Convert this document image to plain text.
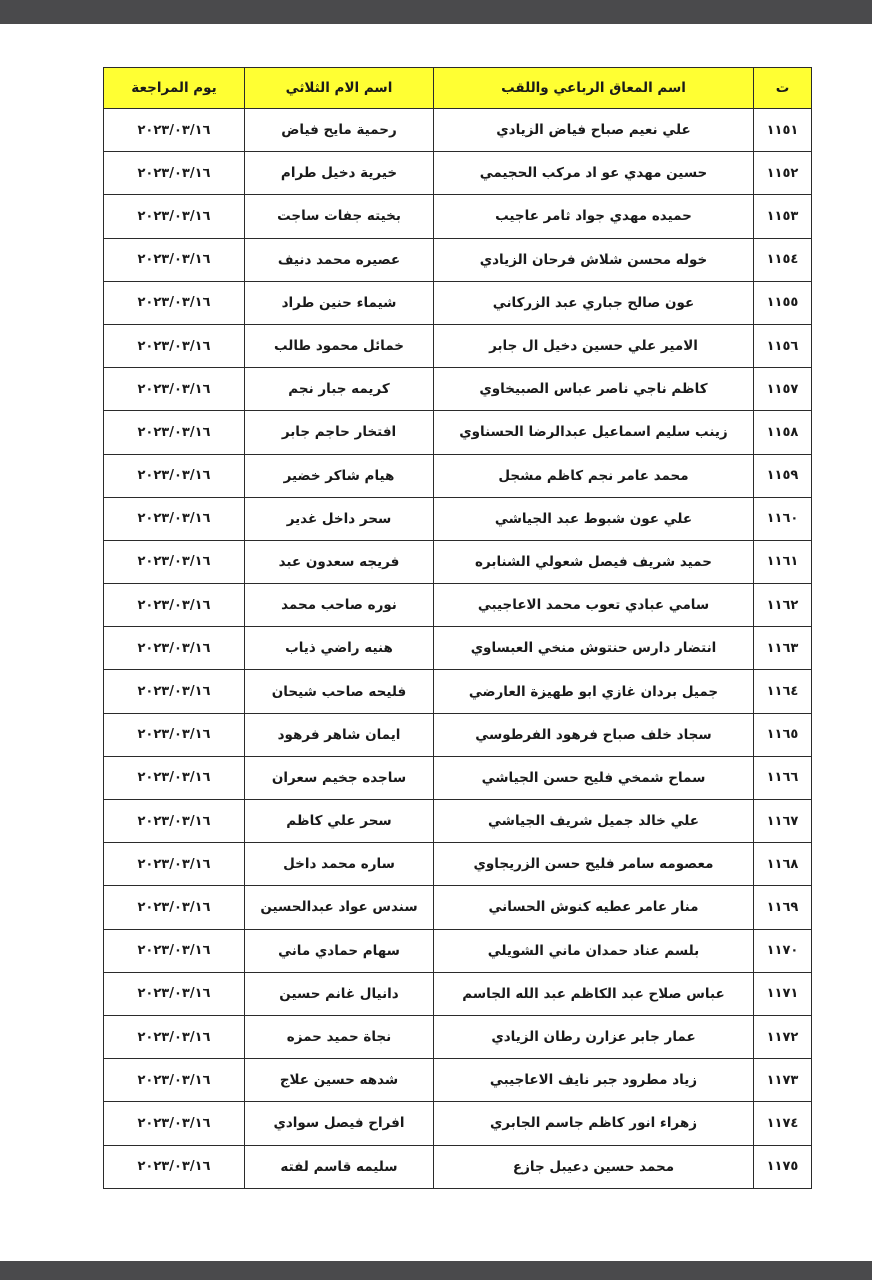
ت	اسم المعاق الرباعي واللقب	اسم الام الثلاثي	يوم المراجعة
١١٥١	علي نعيم صباح فياض الزيادي	رحمية مايح فياض	٢٠٢٣/٠٣/١٦
١١٥٢	حسين مهدي عو اد مركب الحجيمي	خيرية دخيل طرام	٢٠٢٣/٠٣/١٦
١١٥٣	حميده مهدي جواد ثامر عاجيب	بخيته جفات ساجت	٢٠٢٣/٠٣/١٦
١١٥٤	خوله محسن شلاش فرحان الزيادي	عصيره محمد دنيف	٢٠٢٣/٠٣/١٦
١١٥٥	عون صالح جباري عبد الزركاني	شيماء حنين طراد	٢٠٢٣/٠٣/١٦
١١٥٦	الامير علي حسين دخيل ال جابر	خمائل محمود طالب	٢٠٢٣/٠٣/١٦
١١٥٧	كاظم ناجي ناصر عباس الصبيخاوي	كريمه جبار نجم	٢٠٢٣/٠٣/١٦
١١٥٨	زينب سليم اسماعيل عبدالرضا الحسناوي	افتخار حاجم جابر	٢٠٢٣/٠٣/١٦
١١٥٩	محمد عامر نجم كاظم مشجل	هيام شاكر خضير	٢٠٢٣/٠٣/١٦
١١٦٠	علي عون شبوط عبد الجياشي	سحر داخل غدير	٢٠٢٣/٠٣/١٦
١١٦١	حميد شريف فيصل شعولي الشنابره	فريجه سعدون عبد	٢٠٢٣/٠٣/١٦
١١٦٢	سامي عبادي تعوب محمد الاعاجيبي	نوره صاحب محمد	٢٠٢٣/٠٣/١٦
١١٦٣	انتضار دارس حنتوش منخي العبساوي	هنيه راضي ذياب	٢٠٢٣/٠٣/١٦
١١٦٤	جميل بردان غازي ابو طهيزة العارضي	فليحه صاحب شيحان	٢٠٢٣/٠٣/١٦
١١٦٥	سجاد خلف صباح فرهود الفرطوسي	ايمان شاهر فرهود	٢٠٢٣/٠٣/١٦
١١٦٦	سماح شمخي فليح حسن الجياشي	ساجده جخيم سعران	٢٠٢٣/٠٣/١٦
١١٦٧	علي خالد جميل شريف الجياشي	سحر علي كاظم	٢٠٢٣/٠٣/١٦
١١٦٨	معصومه سامر فليح حسن الزريجاوي	ساره محمد داخل	٢٠٢٣/٠٣/١٦
١١٦٩	منار عامر عطيه كنوش الحساني	سندس عواد عبدالحسين	٢٠٢٣/٠٣/١٦
١١٧٠	بلسم عناد حمدان ماني الشويلي	سهام حمادي ماني	٢٠٢٣/٠٣/١٦
١١٧١	عباس صلاح عبد الكاظم عبد الله الجاسم	دانيال غانم حسين	٢٠٢٣/٠٣/١٦
١١٧٢	عمار جابر عزارن رطان الزيادي	نجاة حميد حمزه	٢٠٢٣/٠٣/١٦
١١٧٣	زياد مطرود جبر نايف الاعاجيبي	شدهه حسين علاج	٢٠٢٣/٠٣/١٦
١١٧٤	زهراء انور كاظم جاسم الجابري	افراح فيصل سوادي	٢٠٢٣/٠٣/١٦
١١٧٥	محمد حسين دعيبل جازع	سليمه قاسم لفته	٢٠٢٣/٠٣/١٦
